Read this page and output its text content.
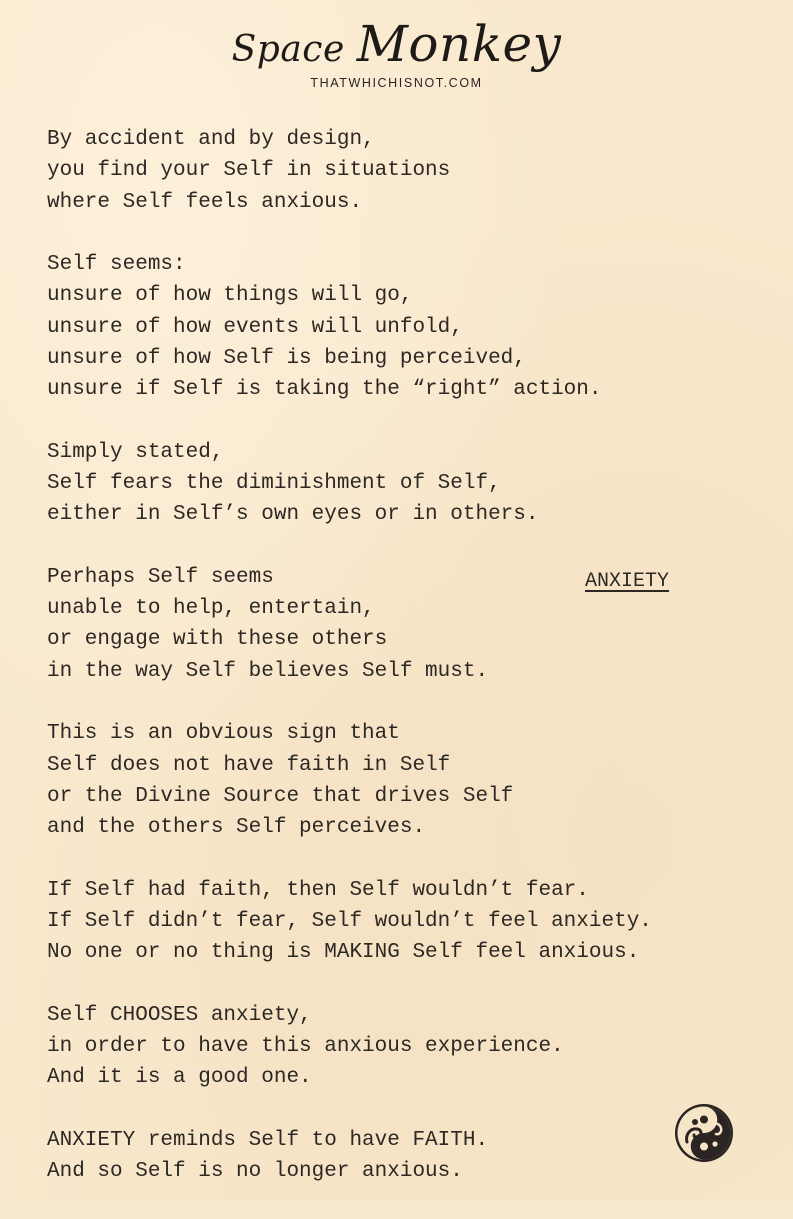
Space Monkey
THATWHICHISNOT.COM
ANXIETY
By accident and by design,
you find your Self in situations
where Self feels anxious.
Self seems:
unsure of how things will go,
unsure of how events will unfold,
unsure of how Self is being perceived,
unsure if Self is taking the “right” action.
Simply stated,
Self fears the diminishment of Self,
either in Self’s own eyes or in others.
Perhaps Self seems
unable to help, entertain,
or engage with these others
in the way Self believes Self must.
This is an obvious sign that
Self does not have faith in Self
or the Divine Source that drives Self
and the others Self perceives.
If Self had faith, then Self wouldn’t fear.
If Self didn’t fear, Self wouldn’t feel anxiety.
No one or no thing is MAKING Self feel anxious.
Self CHOOSES anxiety,
in order to have this anxious experience.
And it is a good one.
ANXIETY reminds Self to have FAITH.
And so Self is no longer anxious.
